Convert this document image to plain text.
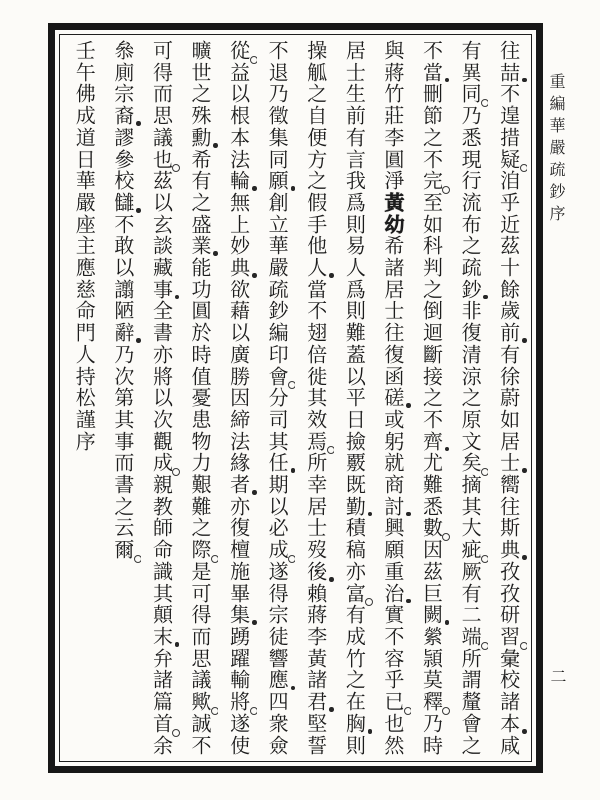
往喆
不遑措疑
洎乎近茲十餘歲前
有徐蔚如居士
嚮往斯典
孜孜研習
彙校諸本
咸
有異同
乃悉現行流布之疏鈔
非復清涼之原文矣
摘其大疵
厥有二端
所謂釐會之
不當
刪節之不完
至如科判之倒迴斷接之不齊
尤難悉數
因茲巨闕
縈頴莫釋
乃時
與蔣竹莊李圓淨黃幼希諸居士往復函磋
或躬就商討
興願重治
實不容乎已
也然
居士生前有言我爲則易人爲則難蓋以平日撿覈既勤
積稿亦富
有成竹之在胸
則
操觚之自便方之假手他人
當不翅倍徙其效焉
所幸居士歿後
賴蔣李黃諸君
堅誓
不退乃徵集同願
創立華嚴疏鈔編印會
分司其任
期以必成
遂得宗徒響應
四衆僉
從
益以根本法輪
無上妙典
欲藉以廣勝因締法緣者
亦復檀施畢集
踴躍輸將
遂使
曠世之殊勳
希有之盛業
能功圓於時值憂患物力艱難之際
是可得而思議歟
誠不
可得而思議也
茲以玄談藏事
全書亦將以次觀成
親教師命識其顛末
弁諸篇首
余
叅廁宗裔
謬參校讎
不敢以譾陋辭
乃次第其事而書之云爾
壬午佛成道日華嚴座主應慈命門人持松謹序
重編華嚴疏鈔序
二
